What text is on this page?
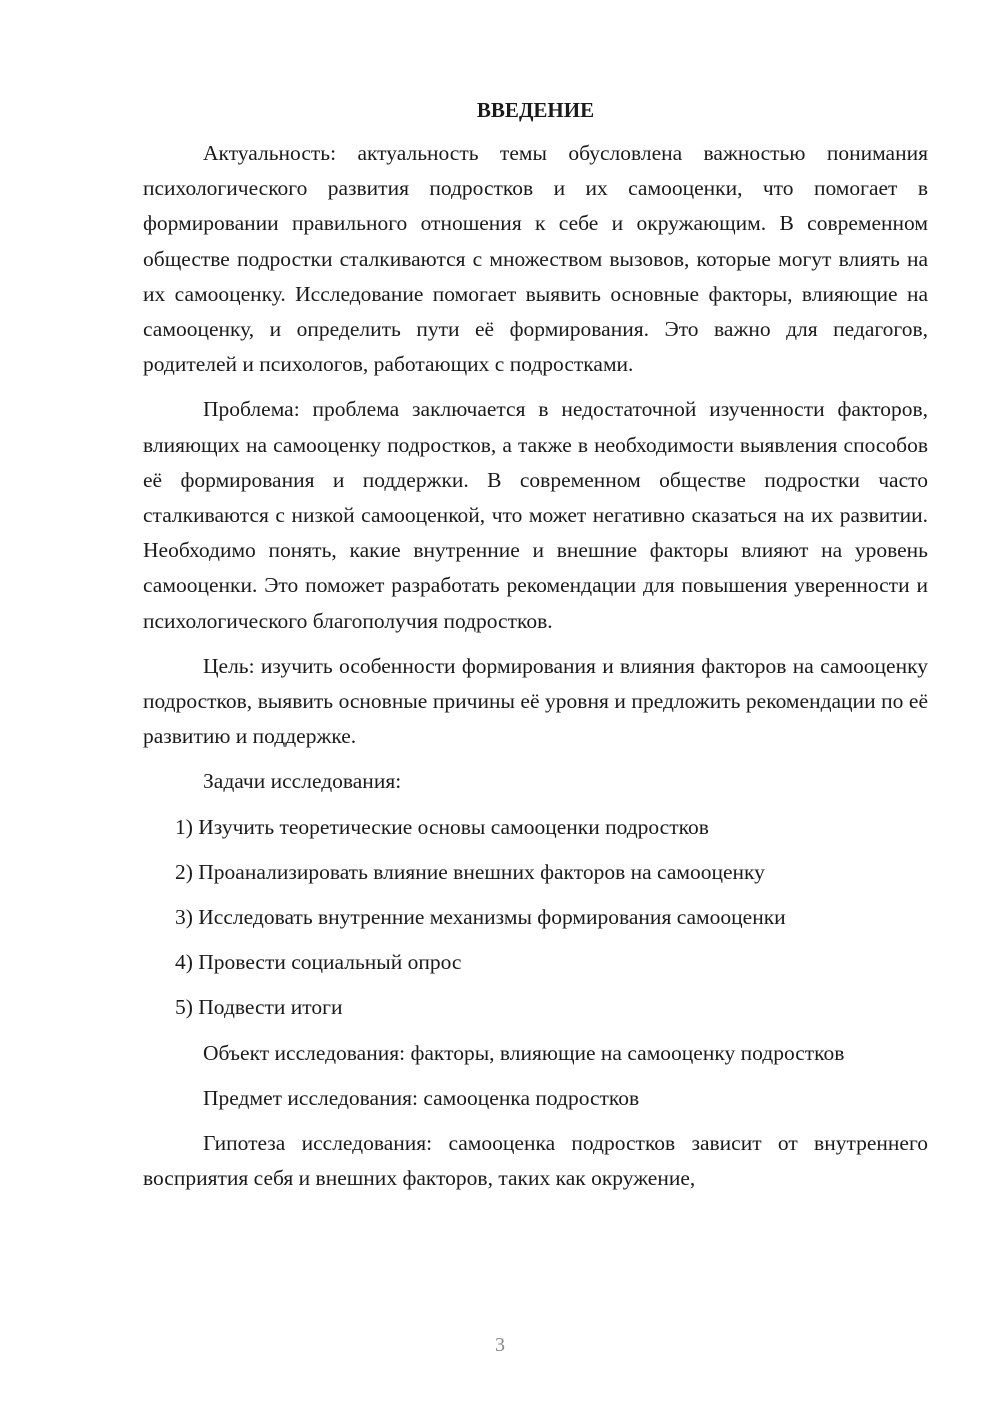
ВВЕДЕНИЕ

Актуальность: актуальность темы обусловлена важностью понимания психологического развития подростков и их самооценки, что помогает в формировании правильного отношения к себе и окружающим. В современном обществе подростки сталкиваются с множеством вызовов, которые могут влиять на их самооценку. Исследование помогает выявить основные факторы, влияющие на самооценку, и определить пути её формирования. Это важно для педагогов, родителей и психологов, работающих с подростками.

Проблема: проблема заключается в недостаточной изученности факторов, влияющих на самооценку подростков, а также в необходимости выявления способов её формирования и поддержки. В современном обществе подростки часто сталкиваются с низкой самооценкой, что может негативно сказаться на их развитии. Необходимо понять, какие внутренние и внешние факторы влияют на уровень самооценки. Это поможет разработать рекомендации для повышения уверенности и психологического благополучия подростков.

Цель: изучить особенности формирования и влияния факторов на самооценку подростков, выявить основные причины её уровня и предложить рекомендации по её развитию и поддержке.

Задачи исследования:

1) Изучить теоретические основы самооценки подростков
2) Проанализировать влияние внешних факторов на самооценку
3) Исследовать внутренние механизмы формирования самооценки
4) Провести социальный опрос
5) Подвести итоги

Объект исследования: факторы, влияющие на самооценку подростков

Предмет исследования: самооценка подростков

Гипотеза исследования: самооценка подростков зависит от внутреннего восприятия себя и внешних факторов, таких как окружение,

3
